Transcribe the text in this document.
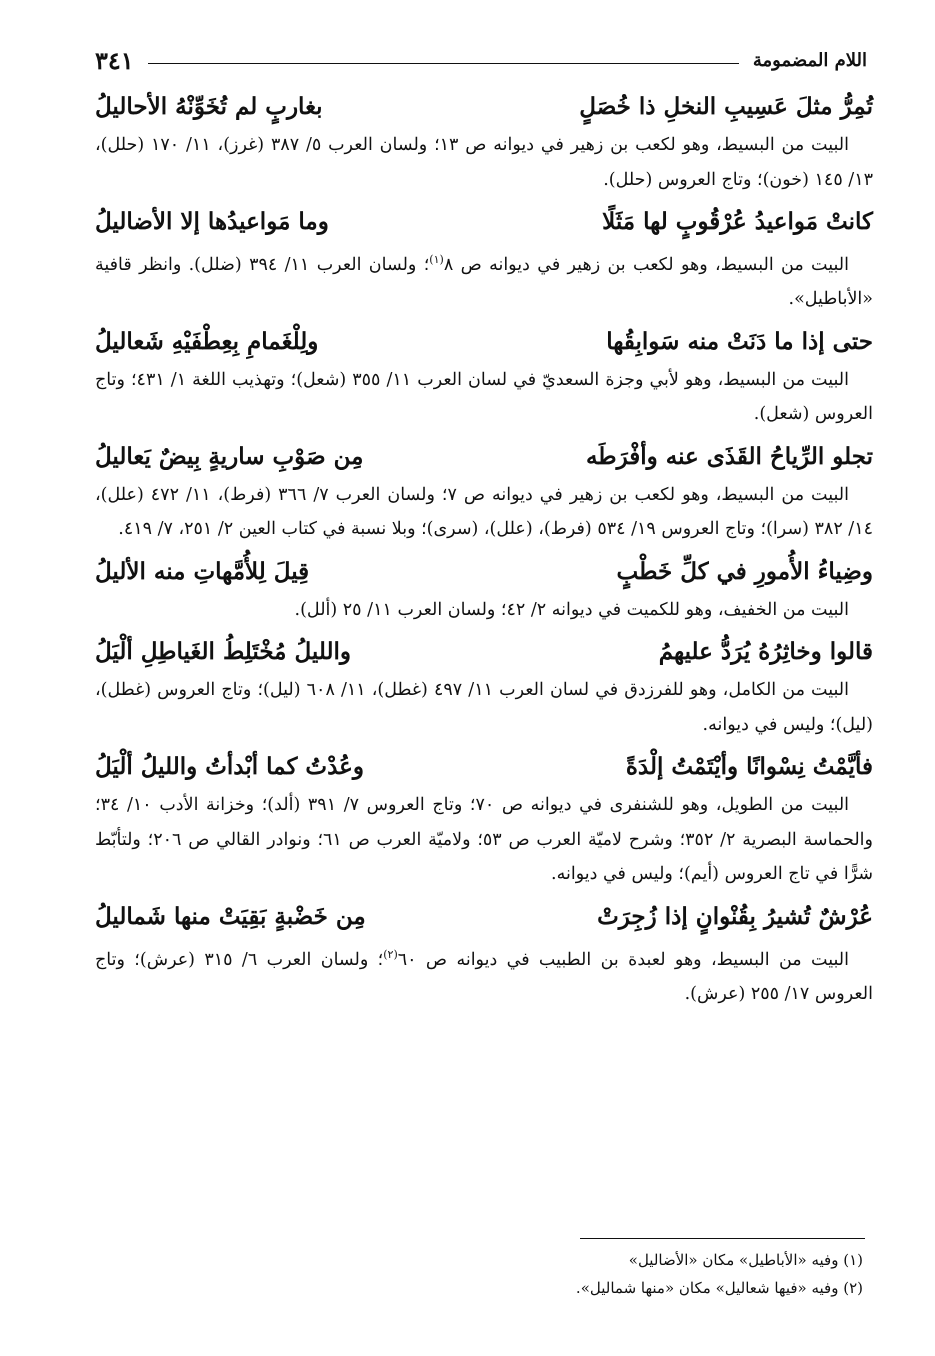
اللام المضمومة
٣٤١
تُمِرُّ مثلَ عَسِيبِ النخلِ ذا خُصَلٍ
بغاربٍ لم تُخَوِّنْهُ الأحاليلُ

البيت من البسيط، وهو لكعب بن زهير في ديوانه ص ١٣؛ ولسان العرب ٥/ ٣٨٧ (غرز)، ١١/ ١٧٠ (حلل)، ١٣/ ١٤٥ (خون)؛ وتاج العروس (حلل).

كانتْ مَواعيدُ عُرْقُوبٍ لها مَثَلًا
وما مَواعيدُها إلا الأضاليلُ

البيت من البسيط، وهو لكعب بن زهير في ديوانه ص ٨$^{(١)}$؛ ولسان العرب ١١/ ٣٩٤ (ضلل). وانظر قافية «الأباطيل».

حتى إذا ما دَنَتْ منه سَوابِقُها
ولِلْغَمامِ بِعِطْفَيْهِ شَعاليلُ

البيت من البسيط، وهو لأبي وجزة السعديّ في لسان العرب ١١/ ٣٥٥ (شعل)؛ وتهذيب اللغة ١/ ٤٣١؛ وتاج العروس (شعل).

تجلو الرِّياحُ القَذَى عنه وأفْرَطَه
مِن صَوْبِ ساريةٍ بِيضٌ يَعاليلُ

البيت من البسيط، وهو لكعب بن زهير في ديوانه ص ٧؛ ولسان العرب ٧/ ٣٦٦ (فرط)، ١١/ ٤٧٢ (علل)، ١٤/ ٣٨٢ (سرا)؛ وتاج العروس ١٩/ ٥٣٤ (فرط)، (علل)، (سرى)؛ وبلا نسبة في كتاب العين ٢/ ٢٥١، ٧/ ٤١٩.

وضِياءُ الأُمورِ في كلِّ خَطْبٍ
قِيلَ لِلأُمَّهاتِ منه الأليلُ

البيت من الخفيف، وهو للكميت في ديوانه ٢/ ٤٢؛ ولسان العرب ١١/ ٢٥ (ألل).

قالوا وخاثِرُهُ يُرَدُّ عليهمُ
والليلُ مُخْتَلِطُ الغَياطِلِ ألْيَلُ

البيت من الكامل، وهو للفرزدق في لسان العرب ١١/ ٤٩٧ (غطل)، ١١/ ٦٠٨ (ليل)؛ وتاج العروس (غطل)، (ليل)؛ وليس في ديوانه.

فأيَّمْتُ نِسْوانًا وأيْتَمْتُ إلْدَةً
وعُدْتُ كما أبْدأتُ والليلُ ألْيَلُ

البيت من الطويل، وهو للشنفرى في ديوانه ص ٧٠؛ وتاج العروس ٧/ ٣٩١ (ألد)؛ وخزانة الأدب ١٠/ ٣٤؛ والحماسة البصرية ٢/ ٣٥٢؛ وشرح لاميّة العرب ص ٥٣؛ ولاميّة العرب ص ٦١؛ ونوادر القالي ص ٢٠٦؛ ولتأبّط شرًّا في تاج العروس (أيم)؛ وليس في ديوانه.

عُرْشٌ تُشيرُ بِقُنْوانٍ إذا زُجِرَتْ
مِن خَضْبةٍ بَقِيَتْ منها شَماليلُ

البيت من البسيط، وهو لعبدة بن الطبيب في ديوانه ص ٦٠$^{(٢)}$؛ ولسان العرب ٦/ ٣١٥ (عرش)؛ وتاج العروس ١٧/ ٢٥٥ (عرش).

(١) وفيه «الأباطيل» مكان «الأضاليل»

(٢) وفيه «فيها شعاليل» مكان «منها شماليل».
